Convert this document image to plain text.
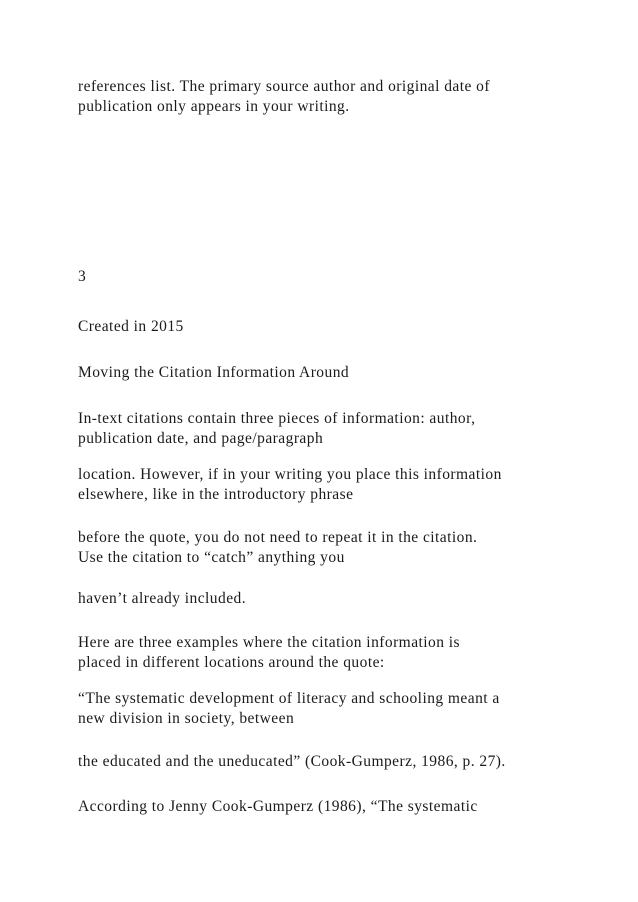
references list. The primary source author and original date of
publication only appears in your writing.
3
Created in 2015
Moving the Citation Information Around
In-text citations contain three pieces of information: author,
publication date, and page/paragraph
location. However, if in your writing you place this information
elsewhere, like in the introductory phrase
before the quote, you do not need to repeat it in the citation.
Use the citation to “catch” anything you
haven’t already included.
Here are three examples where the citation information is
placed in different locations around the quote:
“The systematic development of literacy and schooling meant a
new division in society, between
the educated and the uneducated” (Cook-Gumperz, 1986, p. 27).
According to Jenny Cook-Gumperz (1986), “The systematic
